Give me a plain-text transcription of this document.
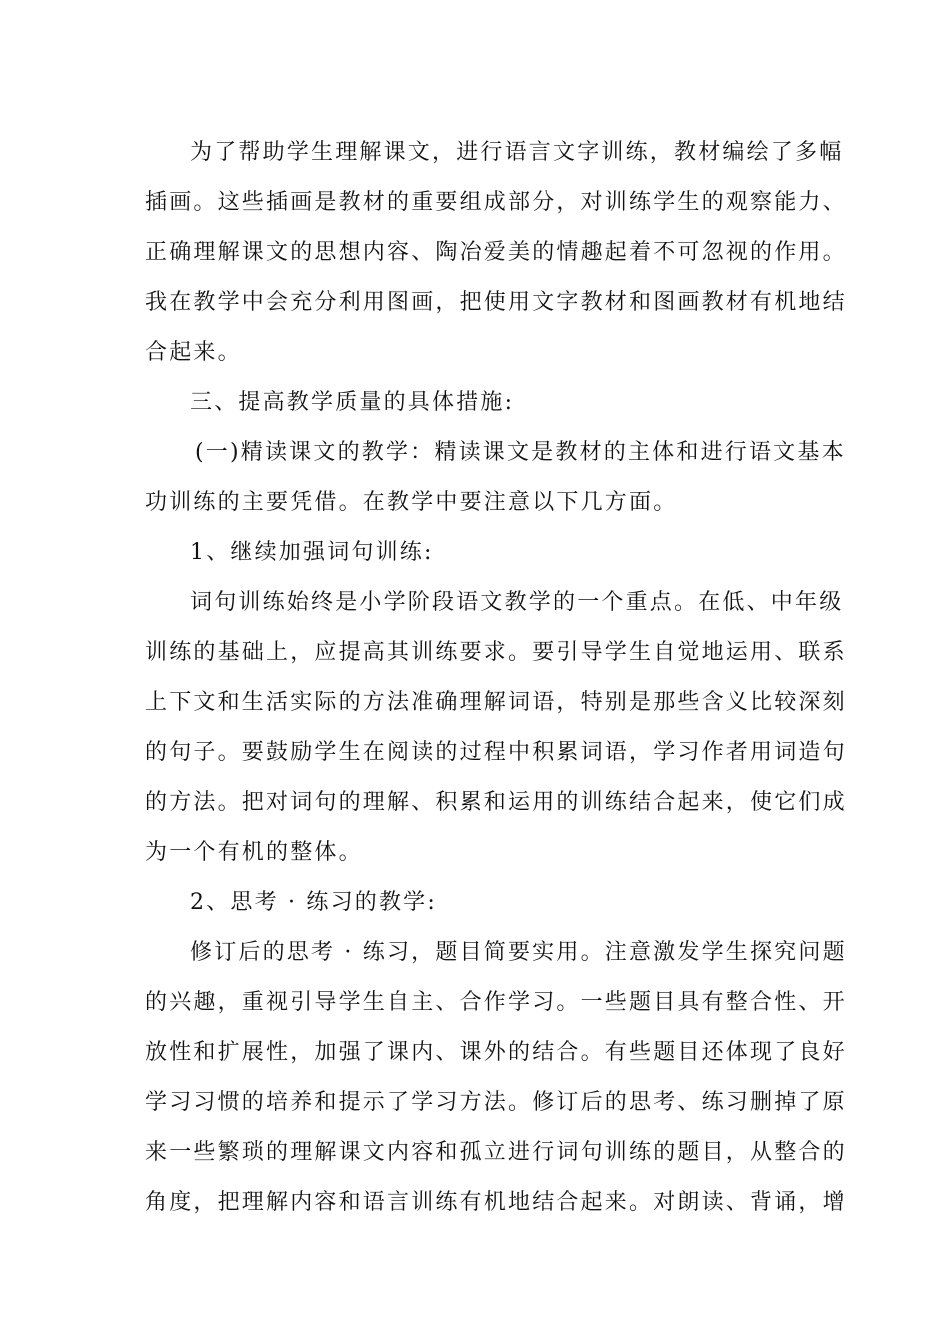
为了帮助学生理解课文，进行语言文字训练，教材编绘了多幅

插画。这些插画是教材的重要组成部分，对训练学生的观察能力、

正确理解课文的思想内容、陶冶爱美的情趣起着不可忽视的作用。

我在教学中会充分利用图画，把使用文字教材和图画教材有机地结

合起来。

三、提高教学质量的具体措施:

(一)精读课文的教学：精读课文是教材的主体和进行语文基本

功训练的主要凭借。在教学中要注意以下几方面。

1、继续加强词句训练:

词句训练始终是小学阶段语文教学的一个重点。在低、中年级

训练的基础上，应提高其训练要求。要引导学生自觉地运用、联系

上下文和生活实际的方法准确理解词语，特别是那些含义比较深刻

的句子。要鼓励学生在阅读的过程中积累词语，学习作者用词造句

的方法。把对词句的理解、积累和运用的训练结合起来，使它们成

为一个有机的整体。

2、思考 · 练习的教学:

修订后的思考 · 练习，题目简要实用。注意激发学生探究问题

的兴趣，重视引导学生自主、合作学习。一些题目具有整合性、开

放性和扩展性，加强了课内、课外的结合。有些题目还体现了良好

学习习惯的培养和提示了学习方法。修订后的思考、练习删掉了原

来一些繁琐的理解课文内容和孤立进行词句训练的题目，从整合的

角度，把理解内容和语言训练有机地结合起来。对朗读、背诵，增
